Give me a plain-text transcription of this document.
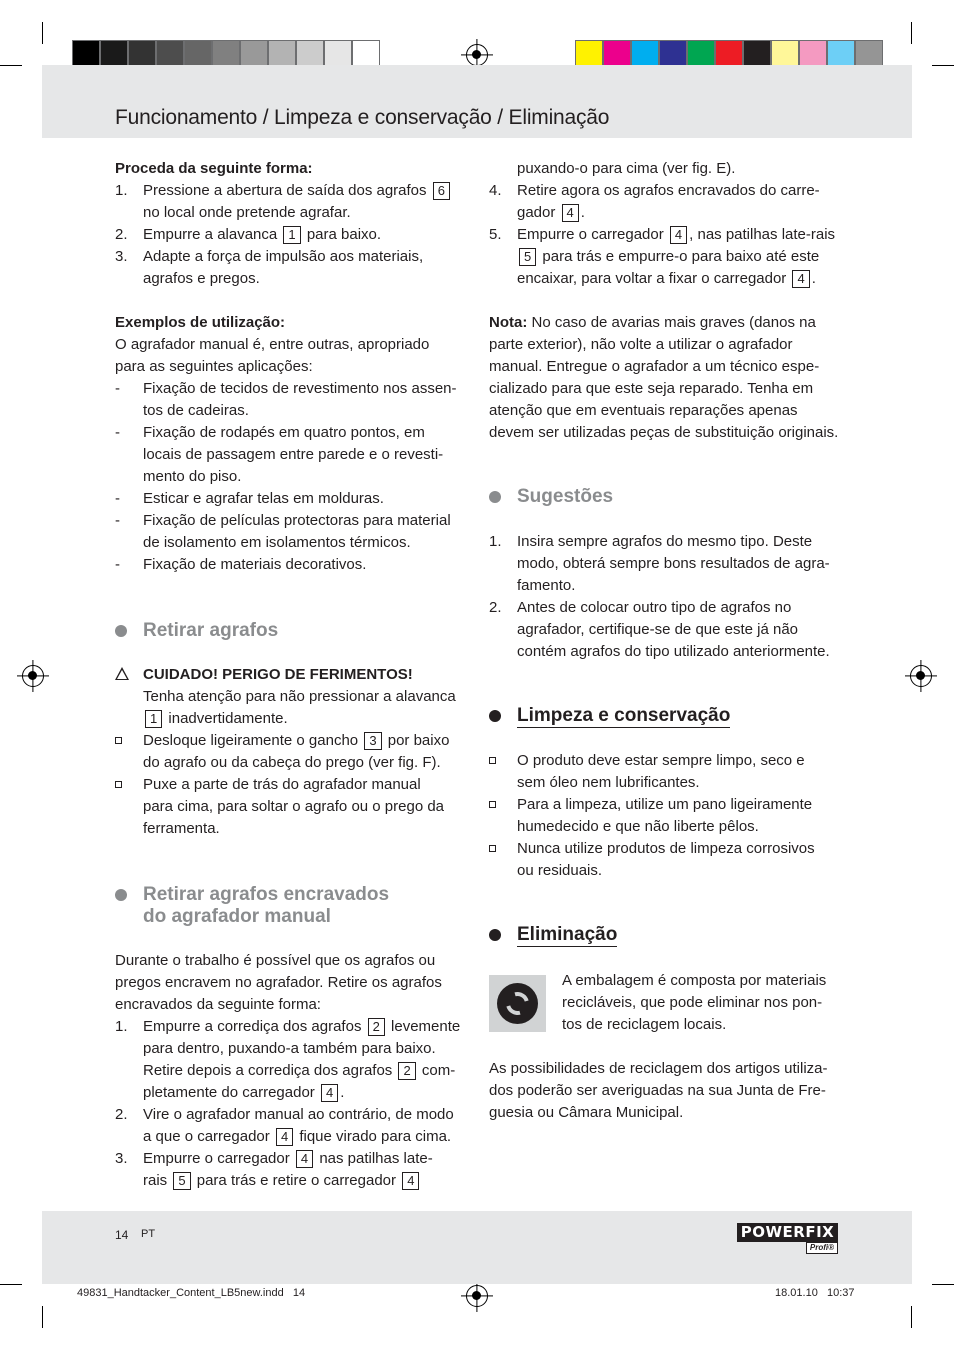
Funcionamento / Limpeza e conservação / Eliminação

Proceda da seguinte forma:

1. Pressione a abertura de saída dos agrafos 6
no local onde pretende agrafar.
2. Empurre a alavanca 1 para baixo.
3. Adapte a força de impulsão aos materiais,
agrafos e pregos.

Exemplos de utilização:

O agrafador manual é, entre outras, apropriado

para as seguintes aplicações:

- Fixação de tecidos de revestimento nos assen-
tos de cadeiras.
- Fixação de rodapés em quatro pontos, em
locais de passagem entre parede e o revesti-
mento do piso.
- Esticar e agrafar telas em molduras.
- Fixação de películas protectoras para material
de isolamento em isolamentos térmicos.
- Fixação de materiais decorativos.
Retirar agrafos
CUIDADO! PERIGO DE FERIMENTOS!
Tenha atenção para não pressionar a alavanca
1 inadvertidamente.
Desloque ligeiramente o gancho 3 por baixo
do agrafo ou da cabeça do prego (ver fig. F).
Puxe a parte de trás do agrafador manual
para cima, para soltar o agrafo ou o prego da
ferramenta.
Retirar agrafos encravados
do agrafador manual

Durante o trabalho é possível que os agrafos ou

pregos encravem no agrafador. Retire os agrafos

encravados da seguinte forma:

1. Empurre a corrediça dos agrafos 2 levemente
para dentro, puxando-a também para baixo.
Retire depois a corrediça dos agrafos 2 com-
pletamente do carregador 4 .
2. Vire o agrafador manual ao contrário, de modo
a que o carregador 4 fique virado para cima.
3. Empurre o carregador 4 nas patilhas late-
rais 5 para trás e retire o carregador 4
puxando-o para cima (ver fig. E).
4. Retire agora os agrafos encravados do carre-
gador 4 .
5. Empurre o carregador 4 , nas patilhas late-rais
5 para trás e empurre-o para baixo até este
encaixar, para voltar a fixar o carregador 4 .

Nota: No caso de avarias mais graves (danos na

parte exterior), não volte a utilizar o agrafador

manual. Entregue o agrafador a um técnico espe-

cializado para que este seja reparado. Tenha em

atenção que em eventuais reparações apenas

devem ser utilizadas peças de substituição originais.

Sugestões
1. Insira sempre agrafos do mesmo tipo. Deste
modo, obterá sempre bons resultados de agra-
famento.
2. Antes de colocar outro tipo de agrafos no
agrafador, certifique-se de que este já não
contém agrafos do tipo utilizado anteriormente.
Limpeza e conservação
O produto deve estar sempre limpo, seco e
sem óleo nem lubrificantes.
Para a limpeza, utilize um pano ligeiramente
humedecido e que não liberte pêlos.
Nunca utilize produtos de limpeza corrosivos
ou residuais.
Eliminação

A embalagem é composta por materiais

recicláveis, que pode eliminar nos pon-

tos de reciclagem locais.

As possibilidades de reciclagem dos artigos utiliza-

dos poderão ser averiguadas na sua Junta de Fre-

guesia ou Câmara Municipal.

14 PT	POWERFIX
Profi®
49831_Handtacker_Content_LB5new.indd   14	18.01.10   10:37
